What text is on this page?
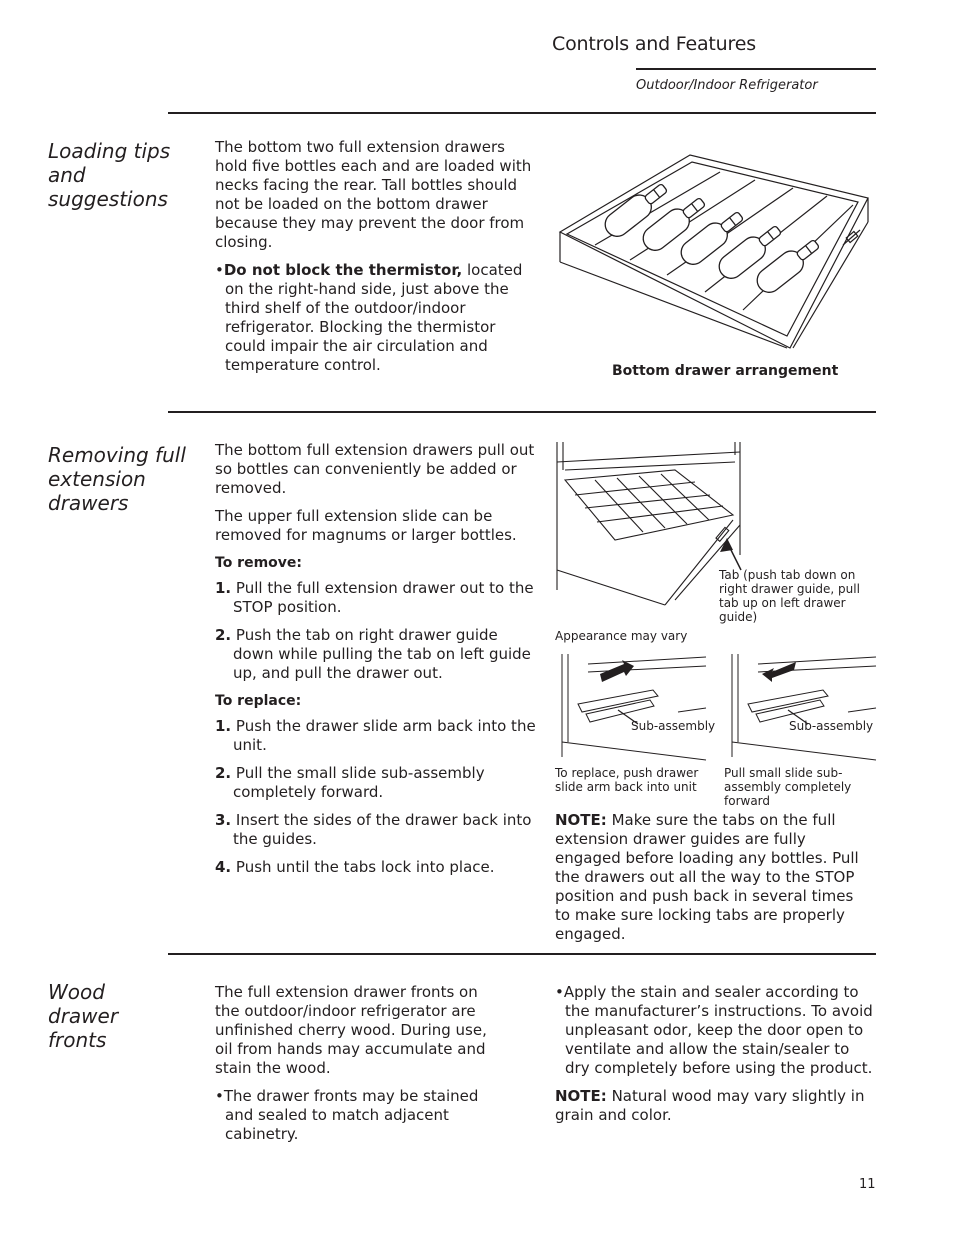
Controls and Features
Outdoor/Indoor Refrigerator
Loading tips and suggestions

The bottom two full extension drawers hold five bottles each and are loaded with necks facing the rear. Tall bottles should not be loaded on the bottom drawer because they may prevent the door from closing.

•Do not block the thermistor, located on the right-hand side, just above the third shelf of the outdoor/indoor refrigerator. Blocking the thermistor could impair the air circulation and temperature control.	Bottom drawer arrangement
Removing full extension drawers

The bottom full extension drawers pull out so bottles can conveniently be added or removed.

The upper full extension slide can be removed for magnums or larger bottles.

To remove:

1. Pull the full extension drawer out to the STOP position.
2. Push the tab on right drawer guide down while pulling the tab on left guide up, and pull the drawer out.

To replace:

1. Push the drawer slide arm back into the unit.
2. Pull the small slide sub-assembly completely forward.
3. Insert the sides of the drawer back into the guides.
4. Push until the tabs lock into place.
Tab (push tab down on right drawer guide, pull tab up on left drawer guide)
Appearance may vary
Sub-assembly	Sub-assembly
To replace, push drawer slide arm back into unit
Pull small slide sub-assembly completely forward
NOTE: Make sure the tabs on the full extension drawer guides are fully engaged before loading any bottles. Pull the drawers out all the way to the STOP position and push back in several times to make sure locking tabs are properly engaged.
Wood drawer fronts

The full extension drawer fronts on the outdoor/indoor refrigerator are unfinished cherry wood. During use, oil from hands may accumulate and stain the wood.

•The drawer fronts may be stained and sealed to match adjacent cabinetry.

•Apply the stain and sealer according to the manufacturer’s instructions. To avoid unpleasant odor, keep the door open to ventilate and allow the stain/sealer to dry completely before using the product.

NOTE: Natural wood may vary slightly in grain and color.

11
